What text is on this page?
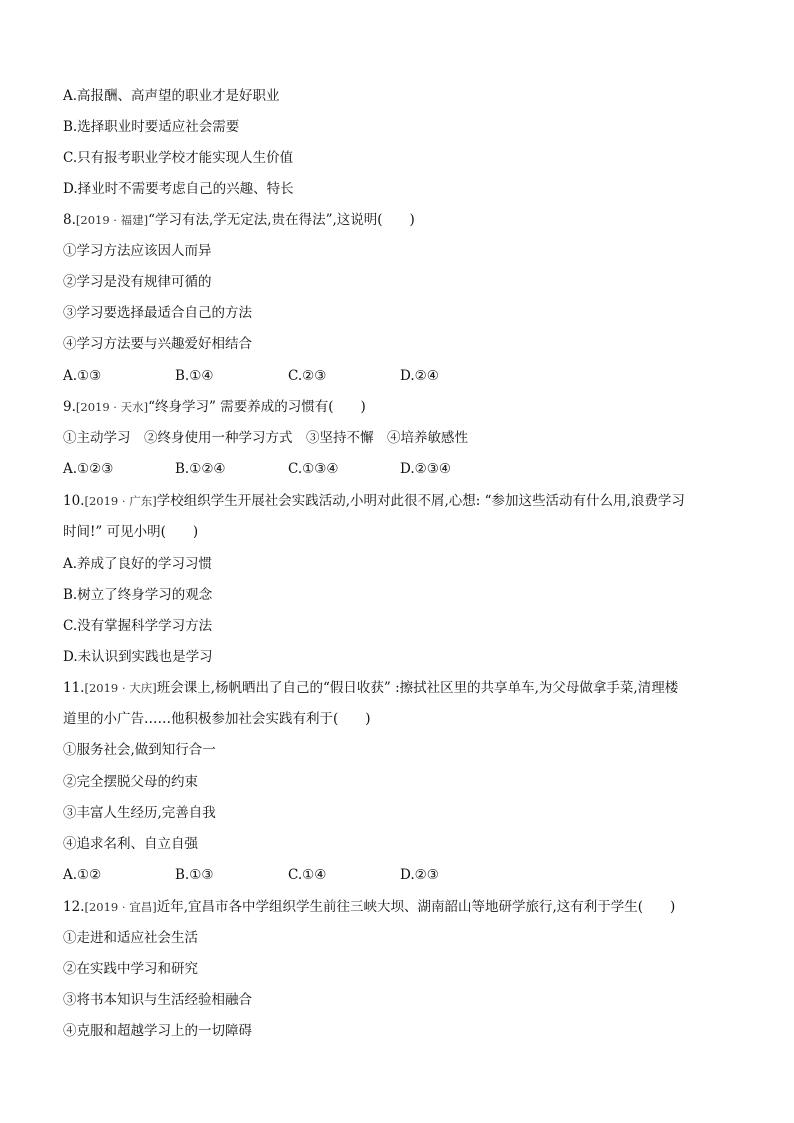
A.高报酬、高声望的职业才是好职业
B.选择职业时要适应社会需要
C.只有报考职业学校才能实现人生价值
D.择业时不需要考虑自己的兴趣、特长
8.[2019 · 福建]“学习有法,学无定法,贵在得法”,这说明(　　)
①学习方法应该因人而异
②学习是没有规律可循的
③学习要选择最适合自己的方法
④学习方法要与兴趣爱好相结合
A.①③	B.①④	C.②③	D.②④
9.[2019 · 天水]“终身学习” 需要养成的习惯有(　　)
①主动学习　②终身使用一种学习方式　③坚持不懈　④培养敏感性
A.①②③	B.①②④	C.①③④	D.②③④
10.[2019 · 广东]学校组织学生开展社会实践活动,小明对此很不屑,心想: “参加这些活动有什么用,浪费学习
时间!” 可见小明(　　)
A.养成了良好的学习习惯
B.树立了终身学习的观念
C.没有掌握科学学习方法
D.未认识到实践也是学习
11.[2019 · 大庆]班会课上,杨帆晒出了自己的“假日收获” :擦拭社区里的共享单车,为父母做拿手菜,清理楼
道里的小广告……他积极参加社会实践有利于(　　)
①服务社会,做到知行合一
②完全摆脱父母的约束
③丰富人生经历,完善自我
④追求名利、自立自强
A.①②	B.①③	C.①④	D.②③
12.[2019 · 宜昌]近年,宜昌市各中学组织学生前往三峡大坝、湖南韶山等地研学旅行,这有利于学生(　　)
①走进和适应社会生活
②在实践中学习和研究
③将书本知识与生活经验相融合
④克服和超越学习上的一切障碍
